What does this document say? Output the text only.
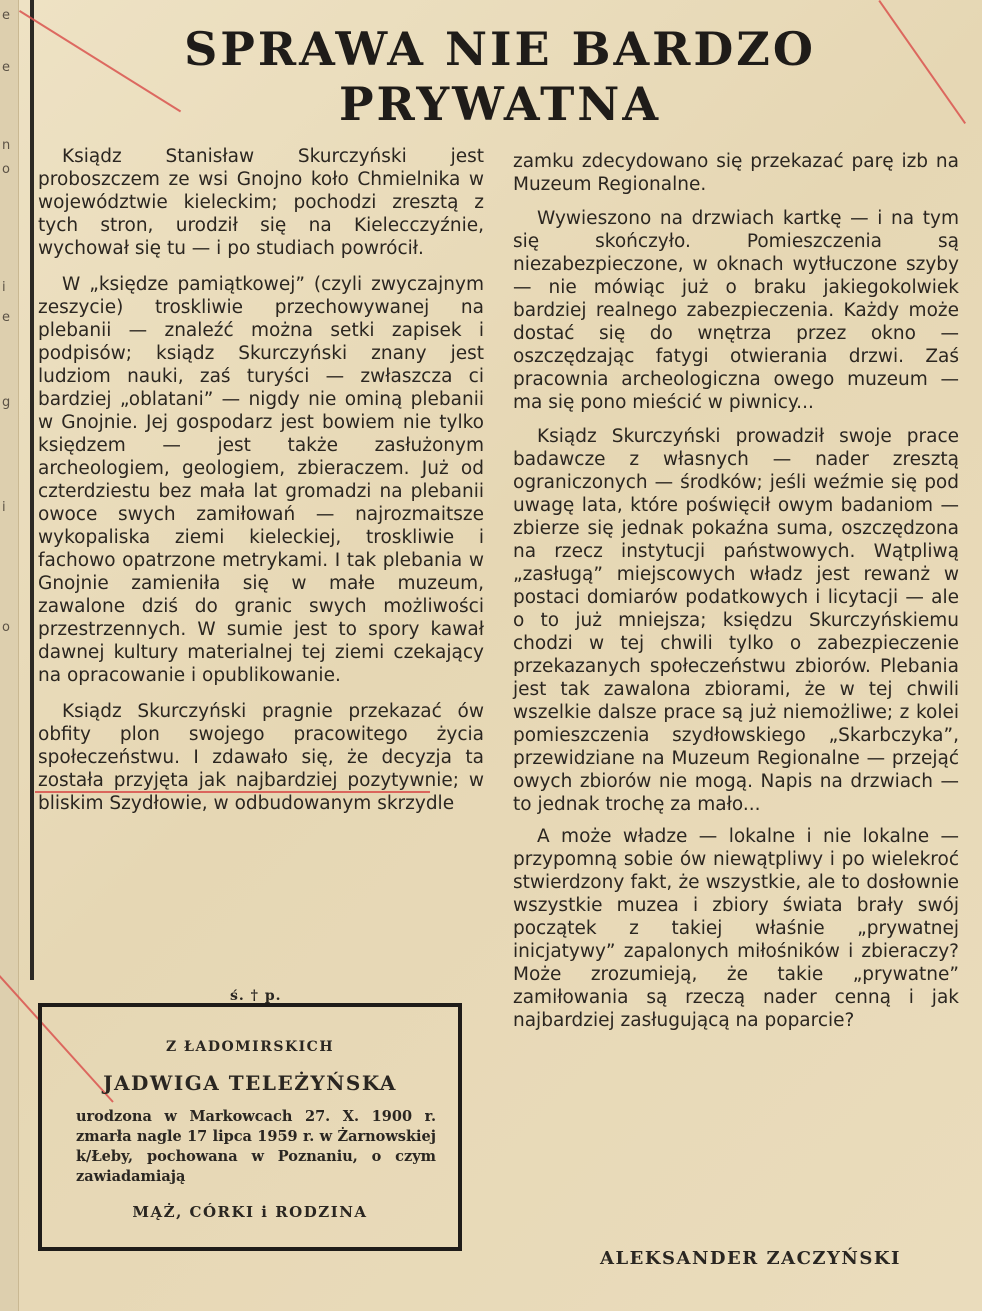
e
e
n
o
i
e
g
i
o
SPRAWA NIE BARDZO
PRYWATNA

Ksiądz Stanisław Skurczyński jest proboszczem ze wsi Gnojno koło Chmielnika w województwie kieleckim; pochodzi zresztą z tych stron, urodził się na Kielecczyźnie, wychował się tu — i po studiach powrócił.

W „księdze pamiątkowej” (czyli zwyczajnym zeszycie) troskliwie przechowywanej na plebanii — znaleźć można setki zapisek i podpisów; ksiądz Skurczyński znany jest ludziom nauki, zaś turyści — zwłaszcza ci bardziej „oblatani” — nigdy nie ominą plebanii w Gnojnie. Jej gospodarz jest bowiem nie tylko księdzem — jest także zasłużonym archeologiem, geologiem, zbieraczem. Już od czterdziestu bez mała lat gromadzi na plebanii owoce swych zamiłowań — najrozmaitsze wykopaliska ziemi kieleckiej, troskliwie i fachowo opatrzone metrykami. I tak plebania w Gnojnie zamieniła się w małe muzeum, zawalone dziś do granic swych możliwości przestrzennych. W sumie jest to spory kawał dawnej kultury materialnej tej ziemi czekający na opracowanie i opublikowanie.

Ksiądz Skurczyński pragnie przekazać ów obfity plon swojego pracowitego życia społeczeństwu. I zdawało się, że decyzja ta została przyjęta jak najbardziej pozytywnie; w bliskim Szydłowie, w odbudowanym skrzydle

zamku zdecydowano się przekazać parę izb na Muzeum Regionalne.

Wywieszono na drzwiach kartkę — i na tym się skończyło. Pomieszczenia są niezabezpieczone, w oknach wytłuczone szyby — nie mówiąc już o braku jakiegokolwiek bardziej realnego zabezpieczenia. Każdy może dostać się do wnętrza przez okno — oszczędzając fatygi otwierania drzwi. Zaś pracownia archeologiczna owego muzeum — ma się pono mieścić w piwnicy...

Ksiądz Skurczyński prowadził swoje prace badawcze z własnych — nader zresztą ograniczonych — środków; jeśli weźmie się pod uwagę lata, które poświęcił owym badaniom — zbierze się jednak pokaźna suma, oszczędzona na rzecz instytucji państwowych. Wątpliwą „zasługą” miejscowych władz jest rewanż w postaci domiarów podatkowych i licytacji — ale o to już mniejsza; księdzu Skurczyńskiemu chodzi w tej chwili tylko o zabezpieczenie przekazanych społeczeństwu zbiorów. Plebania jest tak zawalona zbiorami, że w tej chwili wszelkie dalsze prace są już niemożliwe; z kolei pomieszczenia szydłowskiego „Skarbczyka”, przewidziane na Muzeum Regionalne — przejąć owych zbiorów nie mogą. Napis na drzwiach — to jednak trochę za mało...

A może władze — lokalne i nie lokalne — przypomną sobie ów niewątpliwy i po wielekroć stwierdzony fakt, że wszystkie, ale to dosłownie wszystkie muzea i zbiory świata brały swój początek z takiej właśnie „prywatnej inicjatywy” zapalonych miłośników i zbieraczy? Może zrozumieją, że takie „prywatne” zamiłowania są rzeczą nader cenną i jak najbardziej zasługującą na poparcie?

ALEKSANDER ZACZYŃSKI
ś. † p.
Z ŁADOMIRSKICH
JADWIGA TELEŻYŃSKA
urodzona w Markowcach 27. X. 1900 r. zmarła nagle 17 lipca 1959 r. w Żarnowskiej k/Łeby, pochowana w Poznaniu, o czym zawiadamiają
MĄŻ, CÓRKI i RODZINA
